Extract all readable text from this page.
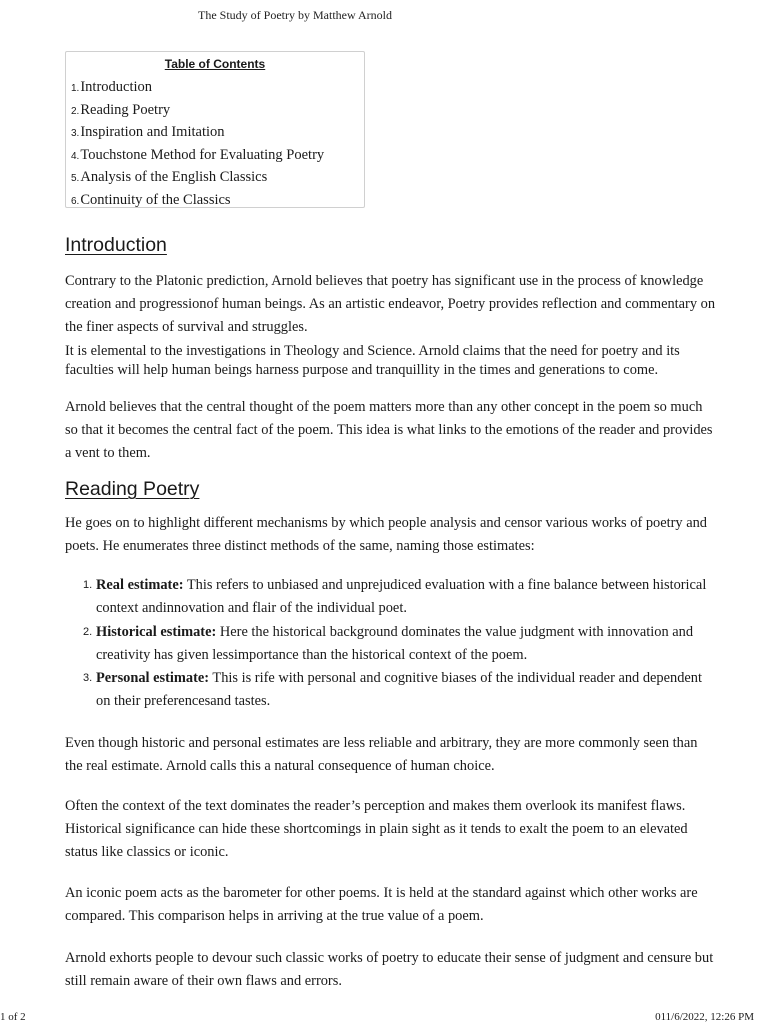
The Study of Poetry by Matthew Arnold
Table of Contents
1.Introduction
2.Reading Poetry
3.Inspiration and Imitation
4.Touchstone Method for Evaluating Poetry
5.Analysis of the English Classics
6.Continuity of the Classics
Introduction

Contrary to the Platonic prediction, Arnold believes that poetry has significant use in the process of knowledge creation and progressionof human beings. As an artistic endeavor, Poetry provides reflection and commentary on the finer aspects of survival and struggles.

It is elemental to the investigations in Theology and Science. Arnold claims that the need for poetry and its faculties will help human beings harness purpose and tranquillity in the times and generations to come.

Arnold believes that the central thought of the poem matters more than any other concept in the poem so much so that it becomes the central fact of the poem. This idea is what links to the emotions of the reader and provides a vent to them.

Reading Poetry

He goes on to highlight different mechanisms by which people analysis and censor various works of poetry and poets. He enumerates three distinct methods of the same, naming those estimates:

1. Real estimate: This refers to unbiased and unprejudiced evaluation with a fine balance between historical context andinnovation and flair of the individual poet.
2. Historical estimate: Here the historical background dominates the value judgment with innovation and creativity has given lessimportance than the historical context of the poem.
3. Personal estimate: This is rife with personal and cognitive biases of the individual reader and dependent on their preferencesand tastes.

Even though historic and personal estimates are less reliable and arbitrary, they are more commonly seen than the real estimate. Arnold calls this a natural consequence of human choice.

Often the context of the text dominates the reader’s perception and makes them overlook its manifest flaws. Historical significance can hide these shortcomings in plain sight as it tends to exalt the poem to an elevated status like classics or iconic.

An iconic poem acts as the barometer for other poems. It is held at the standard against which other works are compared. This comparison helps in arriving at the true value of a poem.

Arnold exhorts people to devour such classic works of poetry to educate their sense of judgment and censure but still remain aware of their own flaws and errors.

1 of 2	011/6/2022, 12:26 PM
